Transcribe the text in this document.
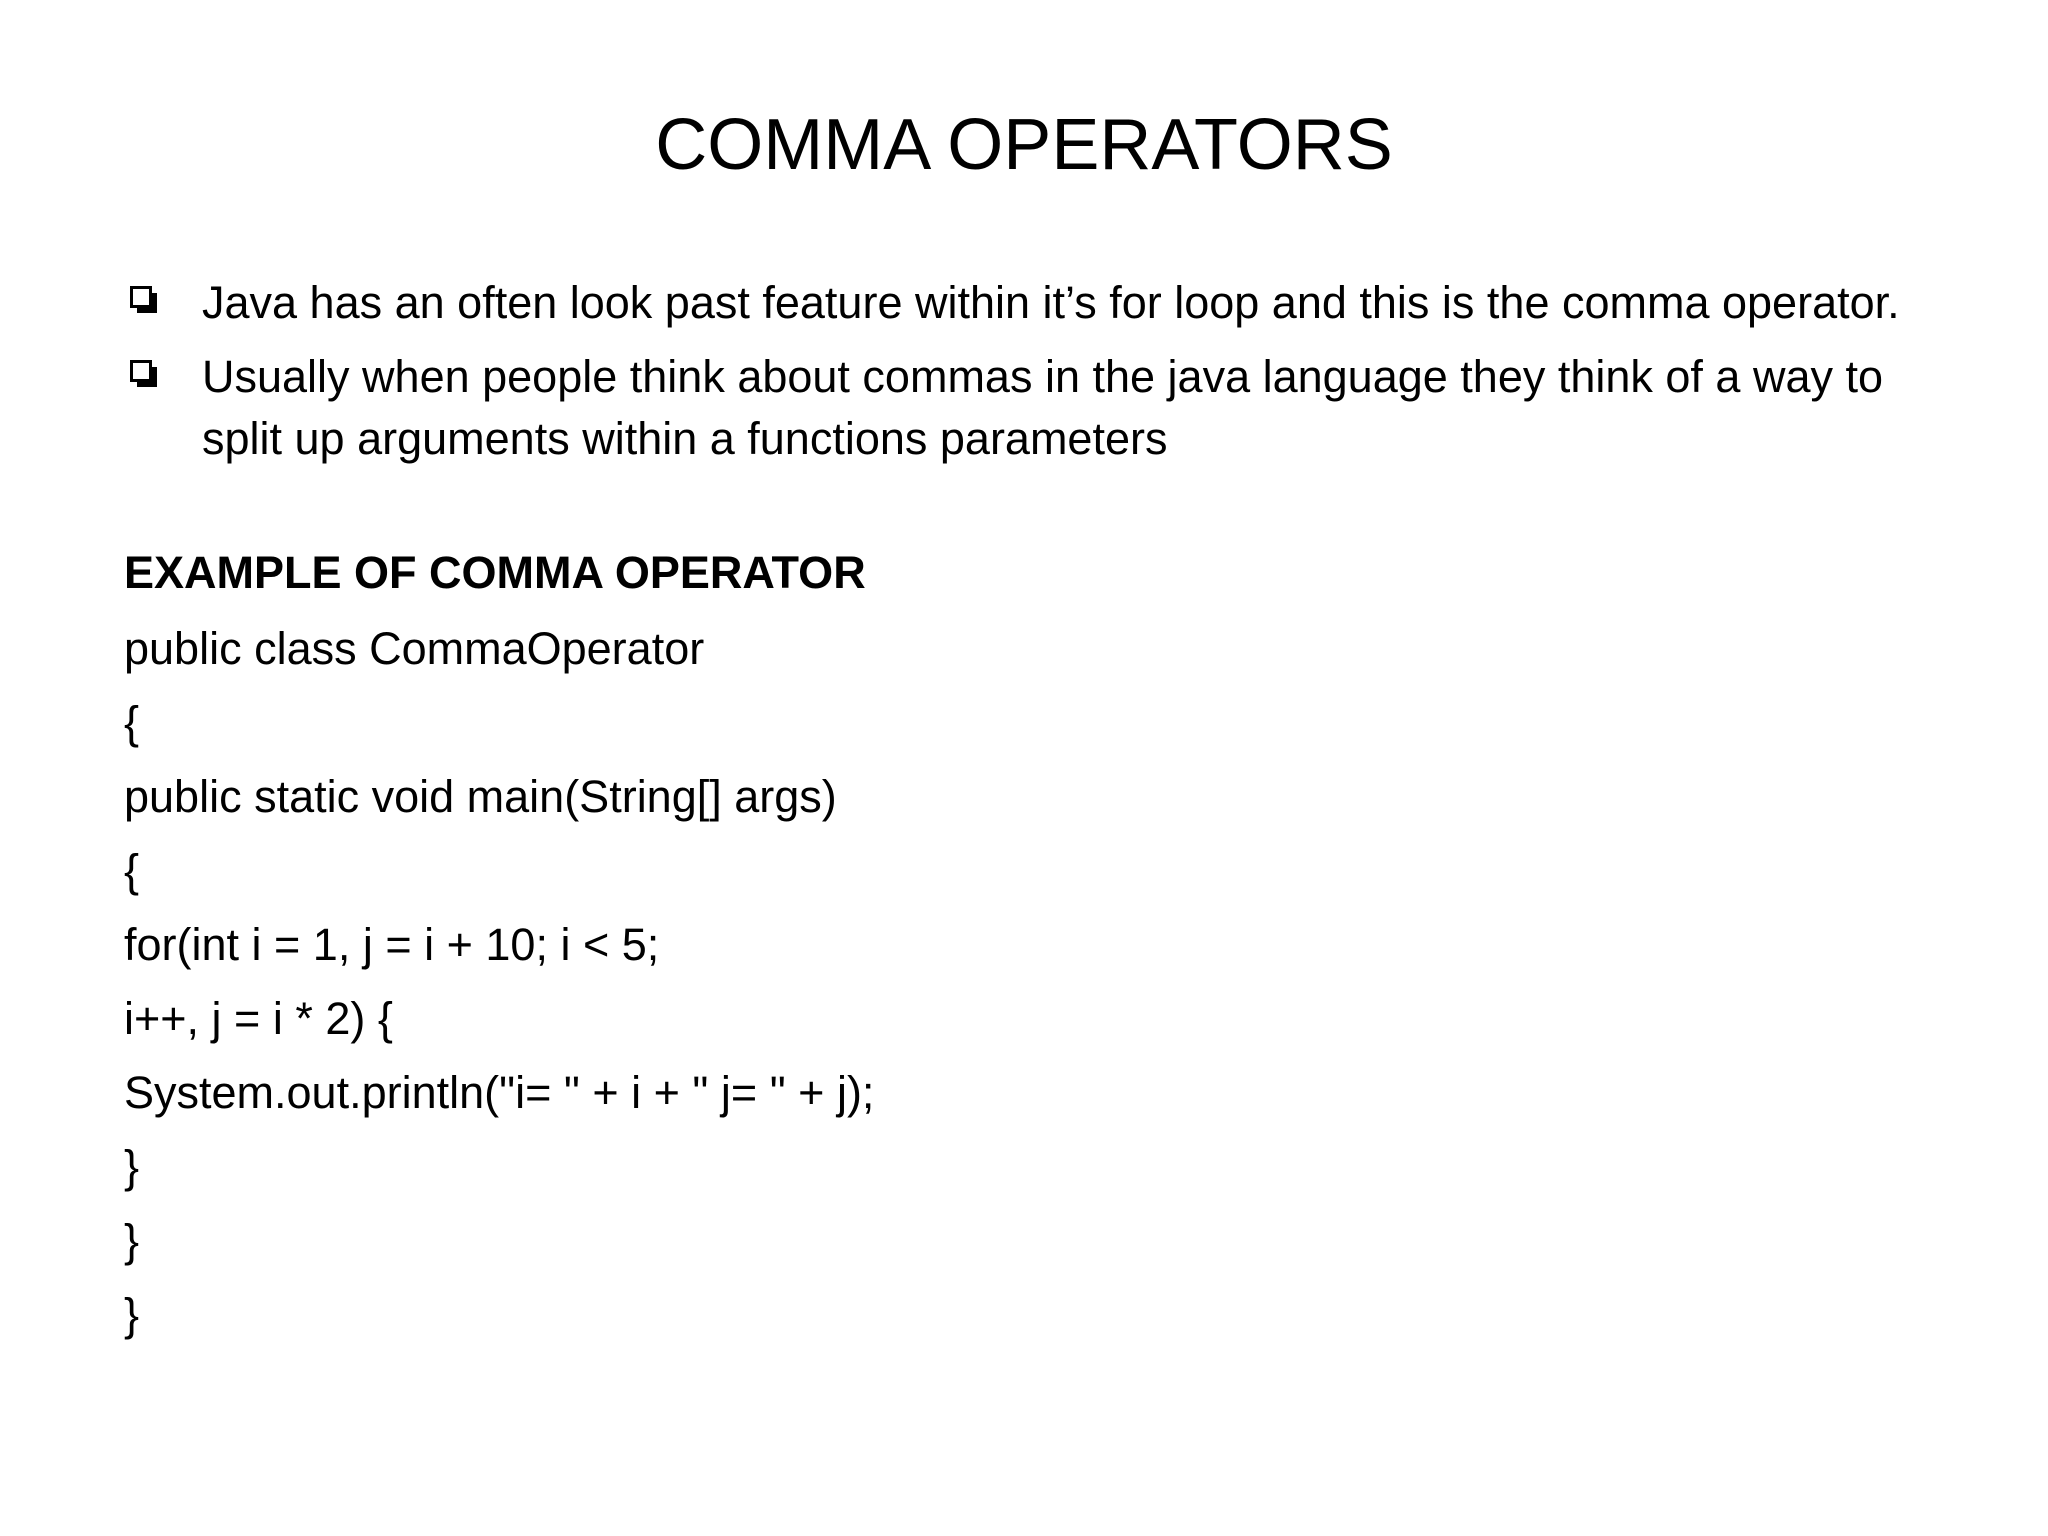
COMMA OPERATORS
Java has an often look past feature within it’s for loop and this is the comma operator.
Usually when people think about commas in the java language they think of a way to split up arguments within a functions parameters
EXAMPLE OF COMMA OPERATOR
public class CommaOperator
{
public static void main(String[] args)
{
for(int i = 1, j = i + 10; i < 5;
i++, j = i * 2) {
System.out.println("i= " + i + " j= " + j);
}
}
}
